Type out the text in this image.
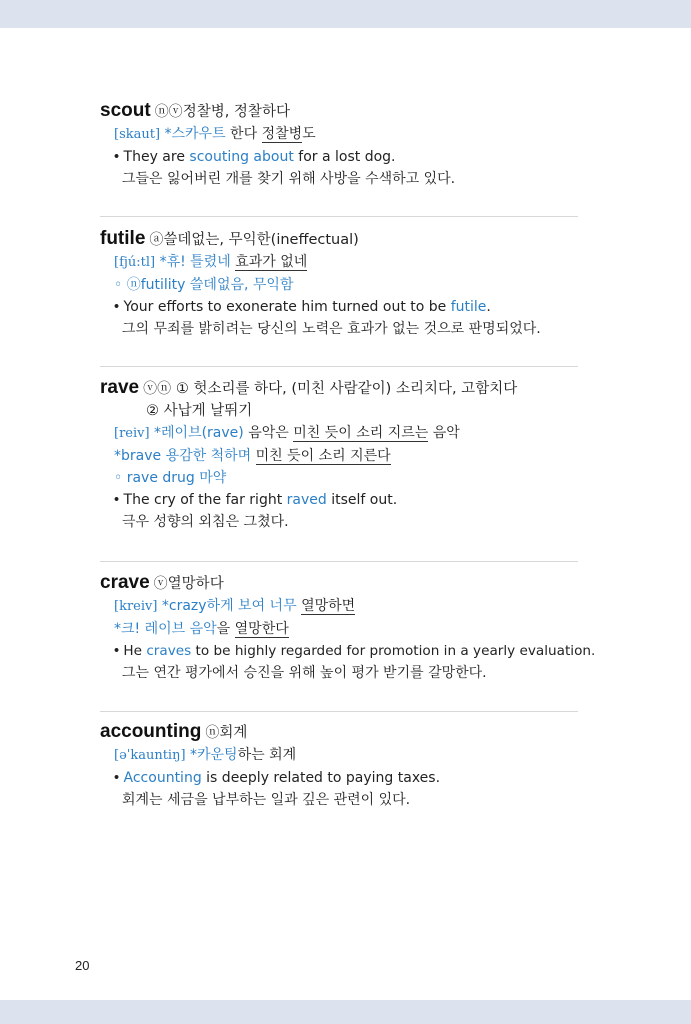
scout ⓝⓥ정찰병, 정찰하다
[skaut] *스카우트 한다 정찰병도
• They are scouting about for a lost dog.
그들은 잃어버린 개를 찾기 위해 사방을 수색하고 있다.
futile ⓐ쓸데없는, 무익한(ineffectual)
[fjú:tl] *휴! 틀렸네 효과가 없네
◦ ⓝfutility 쓸데없음, 무익함
• Your efforts to exonerate him turned out to be futile.
그의 무죄를 밝히려는 당신의 노력은 효과가 없는 것으로 판명되었다.
rave ⓥⓝ ① 헛소리를 하다, (미친 사람같이) 소리치다, 고함치다
② 사납게 날뛰기
[reiv] *레이브(rave) 음악은 미친 듯이 소리 지르는 음악
*brave 용감한 척하며 미친 듯이 소리 지른다
◦ rave drug 마약
• The cry of the far right raved itself out.
극우 성향의 외침은 그쳤다.
crave ⓥ열망하다
[kreiv] *crazy하게 보여 너무 열망하면
*크! 레이브 음악을 열망한다
• He craves to be highly regarded for promotion in a yearly evaluation.
그는 연간 평가에서 승진을 위해 높이 평가 받기를 갈망한다.
accounting ⓝ회계
[əˈkauntiŋ] *카운팅하는 회계
• Accounting is deeply related to paying taxes.
회계는 세금을 납부하는 일과 깊은 관련이 있다.
20
